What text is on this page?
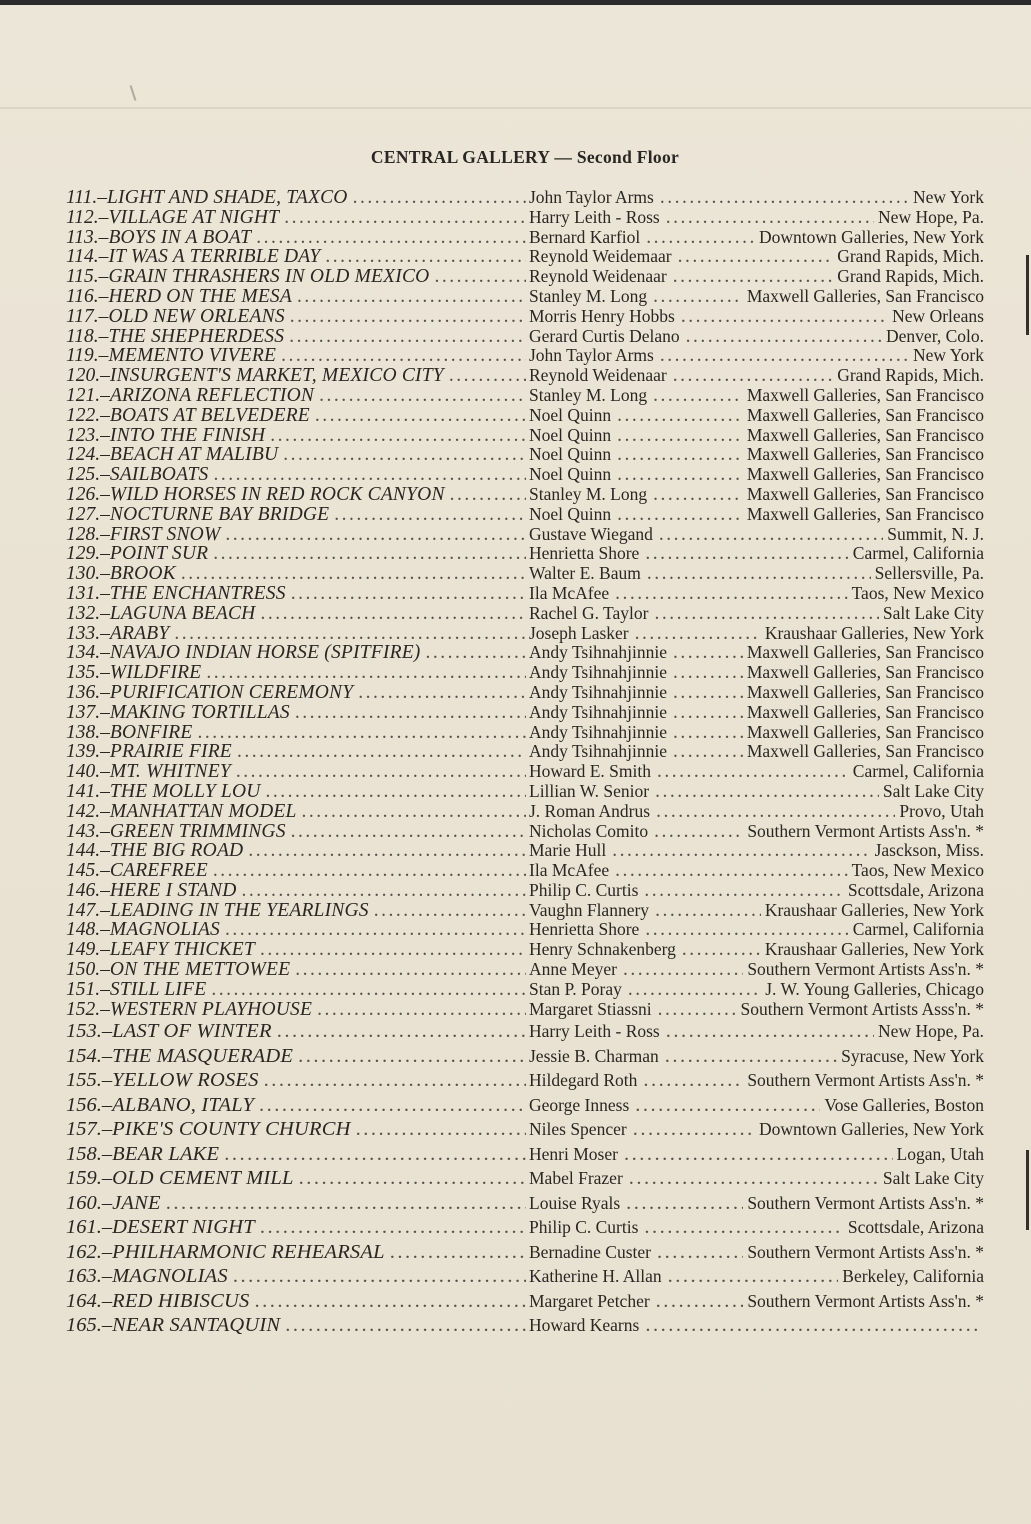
CENTRAL GALLERY — Second Floor
111.– LIGHT AND SHADE, TAXCO .....	John Taylor Arms .....	New York
112.– VILLAGE AT NIGHT .....	Harry Leith - Ross .....	New Hope, Pa.
113.– BOYS IN A BOAT .....	Bernard Karfiol .....	Downtown Galleries, New York
114.– IT WAS A TERRIBLE DAY .....	Reynold Weidemaar .....	Grand Rapids, Mich.
115.– GRAIN THRASHERS IN OLD MEXICO .....	Reynold Weidenaar .....	Grand Rapids, Mich.
116.– HERD ON THE MESA .....	Stanley M. Long .....	Maxwell Galleries, San Francisco
117.– OLD NEW ORLEANS .....	Morris Henry Hobbs .....	New Orleans
118.– THE SHEPHERDESS .....	Gerard Curtis Delano .....	Denver, Colo.
119.– MEMENTO VIVERE .....	John Taylor Arms .....	New York
120.– INSURGENT'S MARKET, MEXICO CITY .....	Reynold Weidenaar .....	Grand Rapids, Mich.
121.– ARIZONA REFLECTION .....	Stanley M. Long .....	Maxwell Galleries, San Francisco
122.– BOATS AT BELVEDERE .....	Noel Quinn .....	Maxwell Galleries, San Francisco
123.– INTO THE FINISH .....	Noel Quinn .....	Maxwell Galleries, San Francisco
124.– BEACH AT MALIBU .....	Noel Quinn .....	Maxwell Galleries, San Francisco
125.– SAILBOATS .....	Noel Quinn .....	Maxwell Galleries, San Francisco
126.– WILD HORSES IN RED ROCK CANYON .....	Stanley M. Long .....	Maxwell Galleries, San Francisco
127.– NOCTURNE BAY BRIDGE .....	Noel Quinn .....	Maxwell Galleries, San Francisco
128.– FIRST SNOW .....	Gustave Wiegand .....	Summit, N. J.
129.– POINT SUR .....	Henrietta Shore .....	Carmel, California
130.– BROOK .....	Walter E. Baum .....	Sellersville, Pa.
131.– THE ENCHANTRESS .....	Ila McAfee .....	Taos, New Mexico
132.– LAGUNA BEACH .....	Rachel G. Taylor .....	Salt Lake City
133.– ARABY .....	Joseph Lasker .....	Kraushaar Galleries, New York
134.– NAVAJO INDIAN HORSE (SPITFIRE) .....	Andy Tsihnahjinnie .....	Maxwell Galleries, San Francisco
135.– WILDFIRE .....	Andy Tsihnahjinnie .....	Maxwell Galleries, San Francisco
136.– PURIFICATION CEREMONY .....	Andy Tsihnahjinnie .....	Maxwell Galleries, San Francisco
137.– MAKING TORTILLAS .....	Andy Tsihnahjinnie .....	Maxwell Galleries, San Francisco
138.– BONFIRE .....	Andy Tsihnahjinnie .....	Maxwell Galleries, San Francisco
139.– PRAIRIE FIRE .....	Andy Tsihnahjinnie .....	Maxwell Galleries, San Francisco
140.– MT. WHITNEY .....	Howard E. Smith .....	Carmel, California
141.– THE MOLLY LOU .....	Lillian W. Senior .....	Salt Lake City
142.– MANHATTAN MODEL .....	J. Roman Andrus .....	Provo, Utah
143.– GREEN TRIMMINGS .....	Nicholas Comito .....	Southern Vermont Artists Ass'n. *
144.– THE BIG ROAD .....	Marie Hull .....	Jasckson, Miss.
145.– CAREFREE .....	Ila McAfee .....	Taos, New Mexico
146.– HERE I STAND .....	Philip C. Curtis .....	Scottsdale, Arizona
147.– LEADING IN THE YEARLINGS .....	Vaughn Flannery .....	Kraushaar Galleries, New York
148.– MAGNOLIAS .....	Henrietta Shore .....	Carmel, California
149.– LEAFY THICKET .....	Henry Schnakenberg .....	Kraushaar Galleries, New York
150.– ON THE METTOWEE .....	Anne Meyer .....	Southern Vermont Artists Ass'n. *
151.– STILL LIFE .....	Stan P. Poray .....	J. W. Young Galleries, Chicago
152.– WESTERN PLAYHOUSE .....	Margaret Stiassni .....	Southern Vermont Artists Asss'n. *
153.– LAST OF WINTER .....	Harry Leith - Ross .....	New Hope, Pa.
154.– THE MASQUERADE .....	Jessie B. Charman .....	Syracuse, New York
155.– YELLOW ROSES .....	Hildegard Roth .....	Southern Vermont Artists Ass'n. *
156.– ALBANO, ITALY .....	George Inness .....	Vose Galleries, Boston
157.– PIKE'S COUNTY CHURCH .....	Niles Spencer .....	Downtown Galleries, New York
158.– BEAR LAKE .....	Henri Moser .....	Logan, Utah
159.– OLD CEMENT MILL .....	Mabel Frazer .....	Salt Lake City
160.– JANE .....	Louise Ryals .....	Southern Vermont Artists Ass'n. *
161.– DESERT NIGHT .....	Philip C. Curtis .....	Scottsdale, Arizona
162.– PHILHARMONIC REHEARSAL .....	Bernadine Custer .....	Southern Vermont Artists Ass'n. *
163.– MAGNOLIAS .....	Katherine H. Allan .....	Berkeley, California
164.– RED HIBISCUS .....	Margaret Petcher .....	Southern Vermont Artists Ass'n. *
165.– NEAR SANTAQUIN .....	Howard Kearns
.....
